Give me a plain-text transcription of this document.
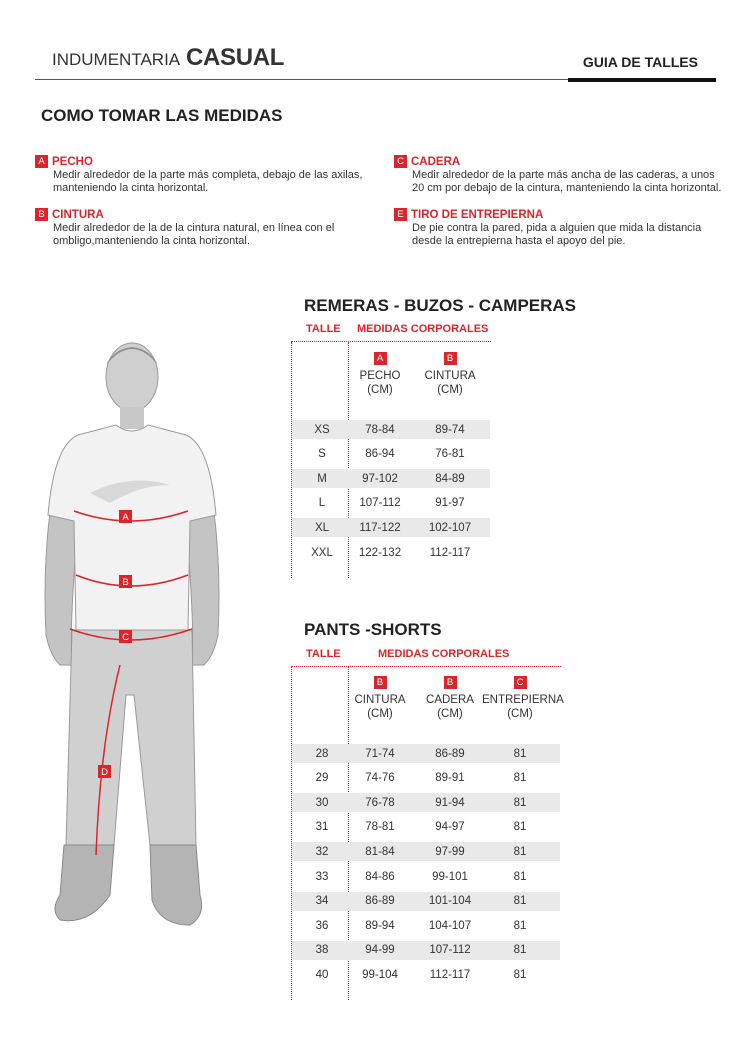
INDUMENTARIA CASUAL	GUIA DE TALLES
COMO TOMAR LAS MEDIDAS
A PECHO
Medir alrededor de la parte más completa, debajo de las axilas,
manteniendo la cinta horizontal.
B CINTURA
Medir alrededor de la de la cintura natural, en línea con el
ombligo,manteniendo la cinta horizontal.
C CADERA
Medir alrededor de la parte más ancha de las caderas, a unos
20 cm por debajo de la cintura, manteniendo la cinta horizontal.
E TIRO DE ENTREPIERNA
De pie contra la pared, pida a alguien que mida la distancia
desde la entrepierna hasta el apoyo del pie.
A
B
C
D
REMERAS - BUZOS - CAMPERAS
TALLE MEDIDAS CORPORALES
A
PECHO
(CM)
B
CINTURA
(CM)
XS	78-84	89-74
S	86-94	76-81
M	97-102	84-89
L	107-112	91-97
XL	117-122	102-107
XXL	122-132	112-117
PANTS -SHORTS
TALLE	MEDIDAS CORPORALES
B
CINTURA
(CM)
B
CADERA
(CM)
C
ENTREPIERNA
(CM)
28	71-74	86-89	81
29	74-76	89-91	81
30	76-78	91-94	81
31	78-81	94-97	81
32	81-84	97-99	81
33	84-86	99-101	81
34	86-89	101-104	81
36	89-94	104-107	81
38	94-99	107-112	81
40	99-104	112-117	81
